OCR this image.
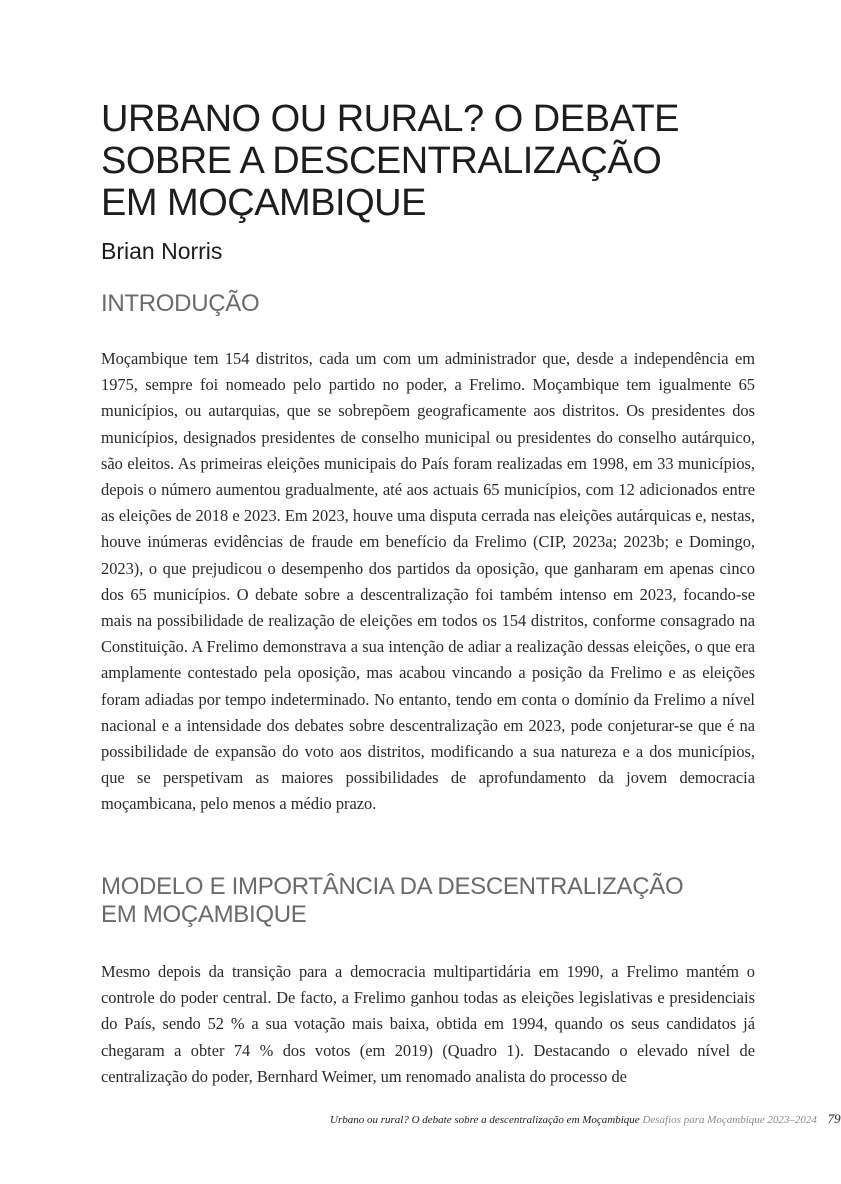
URBANO OU RURAL? O DEBATE
SOBRE A DESCENTRALIZAÇÃO
EM MOÇAMBIQUE

Brian Norris

INTRODUÇÃO

Moçambique tem 154 distritos, cada um com um administrador que, desde a independência em 1975, sempre foi nomeado pelo partido no poder, a Frelimo. Moçambique tem igualmente 65 municípios, ou autarquias, que se sobrepõem geograficamente aos distritos. Os presidentes dos municípios, designados presidentes de conselho municipal ou presidentes do conselho autárquico, são eleitos. As primeiras eleições municipais do País foram realizadas em 1998, em 33 municípios, depois o número aumentou gradualmente, até aos actuais 65 municípios, com 12 adicionados entre as eleições de 2018 e 2023. Em 2023, houve uma disputa cerrada nas eleições autárquicas e, nestas, houve inúmeras evidências de fraude em benefício da Frelimo (CIP, 2023a; 2023b; e Domingo, 2023), o que prejudicou o desempenho dos partidos da oposição, que ganharam em apenas cinco dos 65 municípios. O debate sobre a descentralização foi também intenso em 2023, focando-se mais na possibilidade de realização de eleições em todos os 154 distritos, conforme consagrado na Constituição. A Frelimo demonstrava a sua intenção de adiar a realização dessas eleições, o que era amplamente contestado pela oposição, mas acabou vincando a posição da Frelimo e as eleições foram adiadas por tempo indeterminado. No entanto, tendo em conta o domínio da Frelimo a nível nacional e a intensidade dos debates sobre descentralização em 2023, pode conjeturar-se que é na possibilidade de expansão do voto aos distritos, modificando a sua natureza e a dos municípios, que se perspetivam as maiores possibilidades de aprofundamento da jovem democracia moçambicana, pelo menos a médio prazo.

MODELO E IMPORTÂNCIA DA DESCENTRALIZAÇÃO
EM MOÇAMBIQUE

Mesmo depois da transição para a democracia multipartidária em 1990, a Frelimo mantém o controle do poder central. De facto, a Frelimo ganhou todas as eleições legislativas e presidenciais do País, sendo 52 % a sua votação mais baixa, obtida em 1994, quando os seus candidatos já chegaram a obter 74 % dos votos (em 2019) (Quadro 1). Destacando o elevado nível de centralização do poder, Bernhard Weimer, um renomado analista do processo de

Urbano ou rural? O debate sobre a descentralização em Moçambique Desafios para Moçambique 2023–2024 79
